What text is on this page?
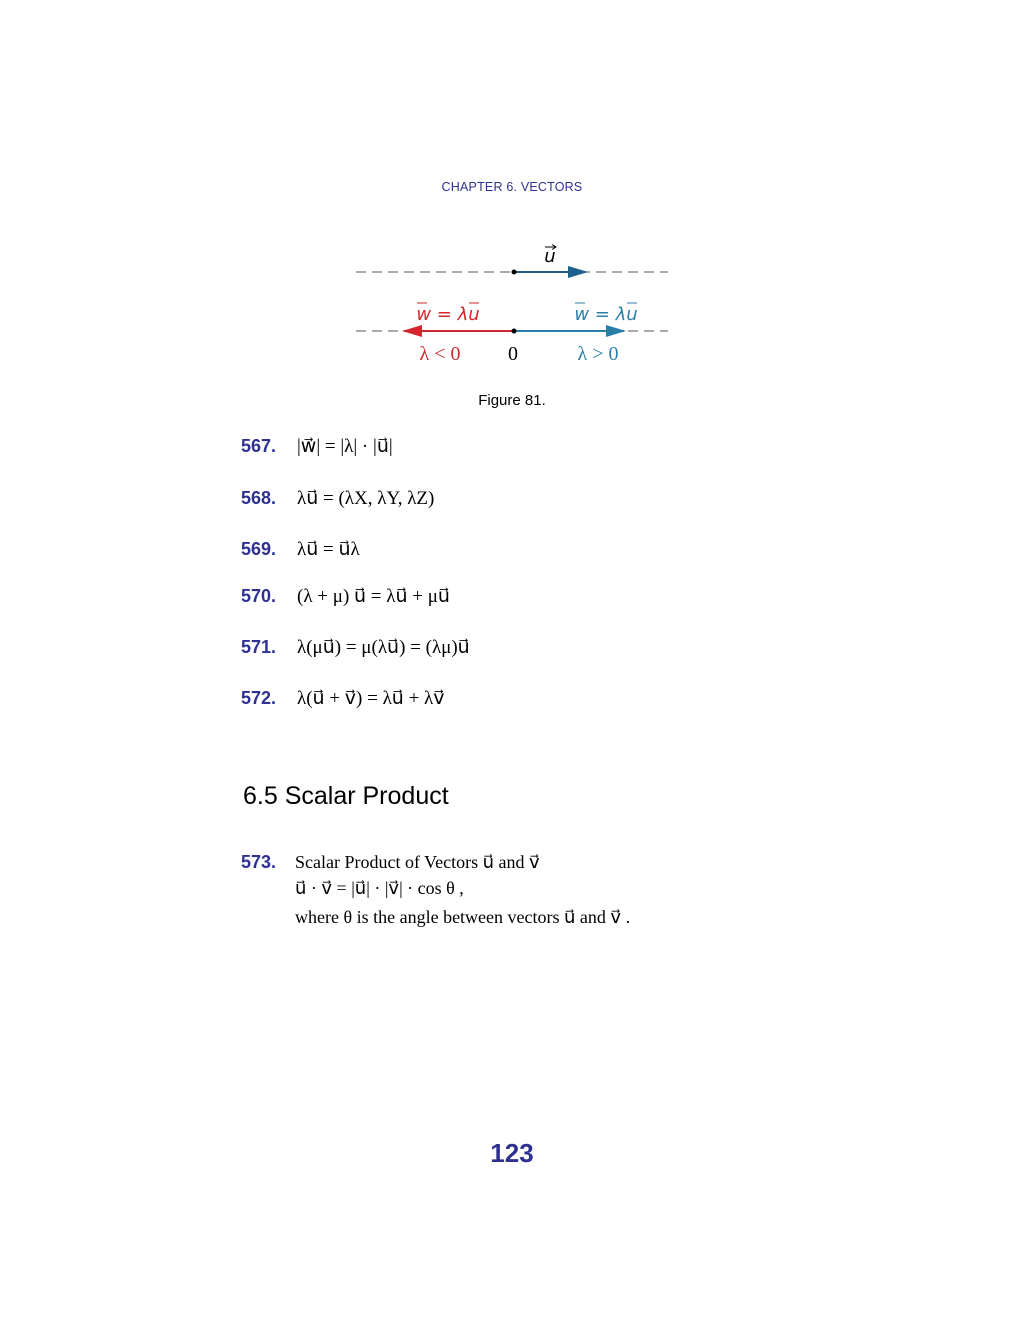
CHAPTER 6. VECTORS
u
w = λu	w = λu
λ < 0 0	λ > 0
Figure 81.
567.	|w⃗| = |λ| · |u⃗|
568.	λu⃗ = (λX, λY, λZ)
569.	λu⃗ = u⃗λ
570.	(λ + μ) u⃗ = λu⃗ + μu⃗
571.	λ(μu⃗) = μ(λu⃗) = (λμ)u⃗
572.	λ(u⃗ + v⃗) = λu⃗ + λv⃗
6.5 Scalar Product
573.	Scalar Product of Vectors u⃗ and v⃗
u⃗ · v⃗ = |u⃗| · |v⃗| · cos θ ,
where θ is the angle between vectors u⃗ and v⃗ .
123
